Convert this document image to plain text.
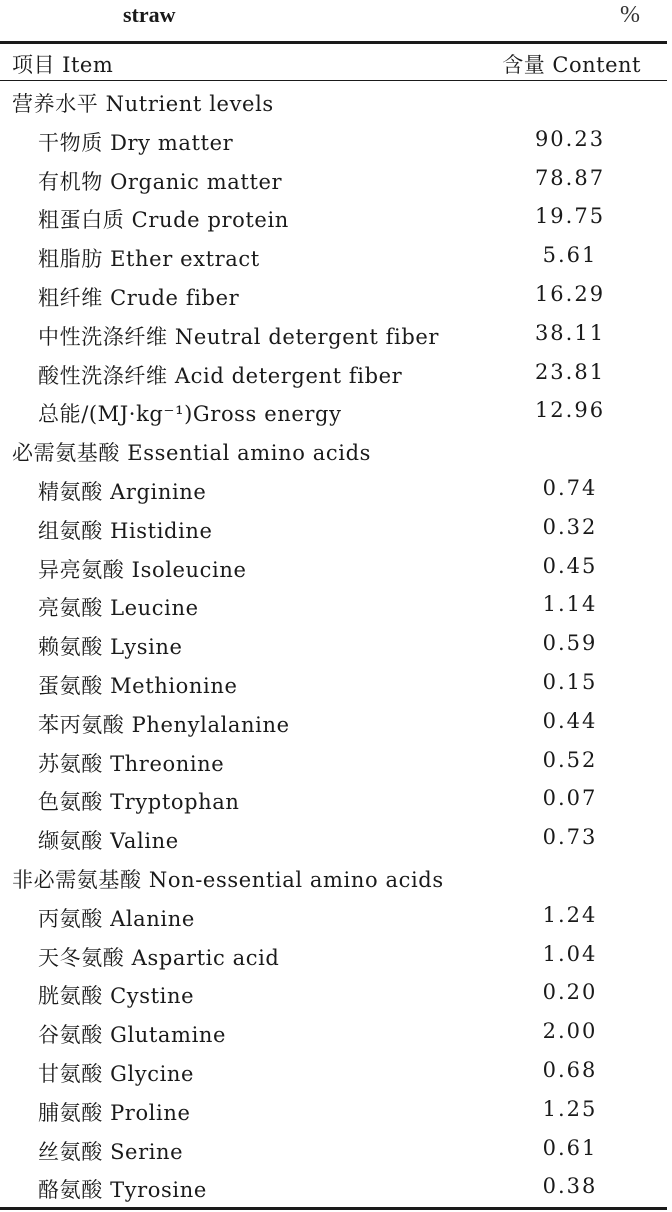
straw	%
项目 Item	含量 Content
营养水平 Nutrient levels
干物质 Dry matter	90.23
有机物 Organic matter	78.87
粗蛋白质 Crude protein	19.75
粗脂肪 Ether extract	5.61
粗纤维 Crude fiber	16.29
中性洗涤纤维 Neutral detergent fiber	38.11
酸性洗涤纤维 Acid detergent fiber	23.81
总能/(MJ·kg⁻¹)Gross energy	12.96
必需氨基酸 Essential amino acids
精氨酸 Arginine	0.74
组氨酸 Histidine	0.32
异亮氨酸 Isoleucine	0.45
亮氨酸 Leucine	1.14
赖氨酸 Lysine	0.59
蛋氨酸 Methionine	0.15
苯丙氨酸 Phenylalanine	0.44
苏氨酸 Threonine	0.52
色氨酸 Tryptophan	0.07
缬氨酸 Valine	0.73
非必需氨基酸 Non-essential amino acids
丙氨酸 Alanine	1.24
天冬氨酸 Aspartic acid	1.04
胱氨酸 Cystine	0.20
谷氨酸 Glutamine	2.00
甘氨酸 Glycine	0.68
脯氨酸 Proline	1.25
丝氨酸 Serine	0.61
酪氨酸 Tyrosine	0.38
